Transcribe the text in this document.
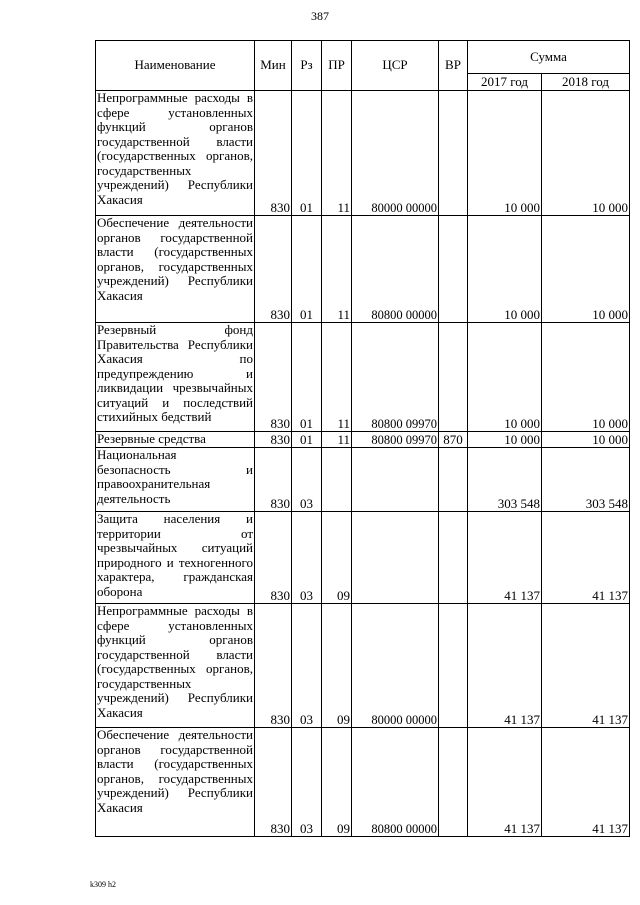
387
Наименование	Мин	Рз	ПР	ЦСР	ВР	Сумма	
						2017 год	2018 год
Непрограммные расходы в сфере установленных функций органов государственной власти (государственных органов, государственных учреждений) Республики Хакасия	830	01	11	80000 00000		10 000	10 000
Обеспечение деятельности органов государственной власти (государственных органов, государственных учреждений) Республики Хакасия	830	01	11	80800 00000		10 000	10 000
Резервный фонд Правительства Республики Хакасия по предупреждению и ликвидации чрезвычайных ситуаций и последствий стихийных бедствий	830	01	11	80800 09970		10 000	10 000
Резервные средства	830	01	11	80800 09970	870	10 000	10 000
Национальная безопасность и правоохранительная деятельность	830	03				303 548	303 548
Защита населения и территории от чрезвычайных ситуаций природного и техногенного характера, гражданская оборона	830	03	09			41 137	41 137
Непрограммные расходы в сфере установленных функций органов государственной власти (государственных органов, государственных учреждений) Республики Хакасия	830	03	09	80000 00000		41 137	41 137
Обеспечение деятельности органов государственной власти (государственных органов, государственных учреждений) Республики Хакасия	830	03	09	80800 00000		41 137	41 137
k309 h2
